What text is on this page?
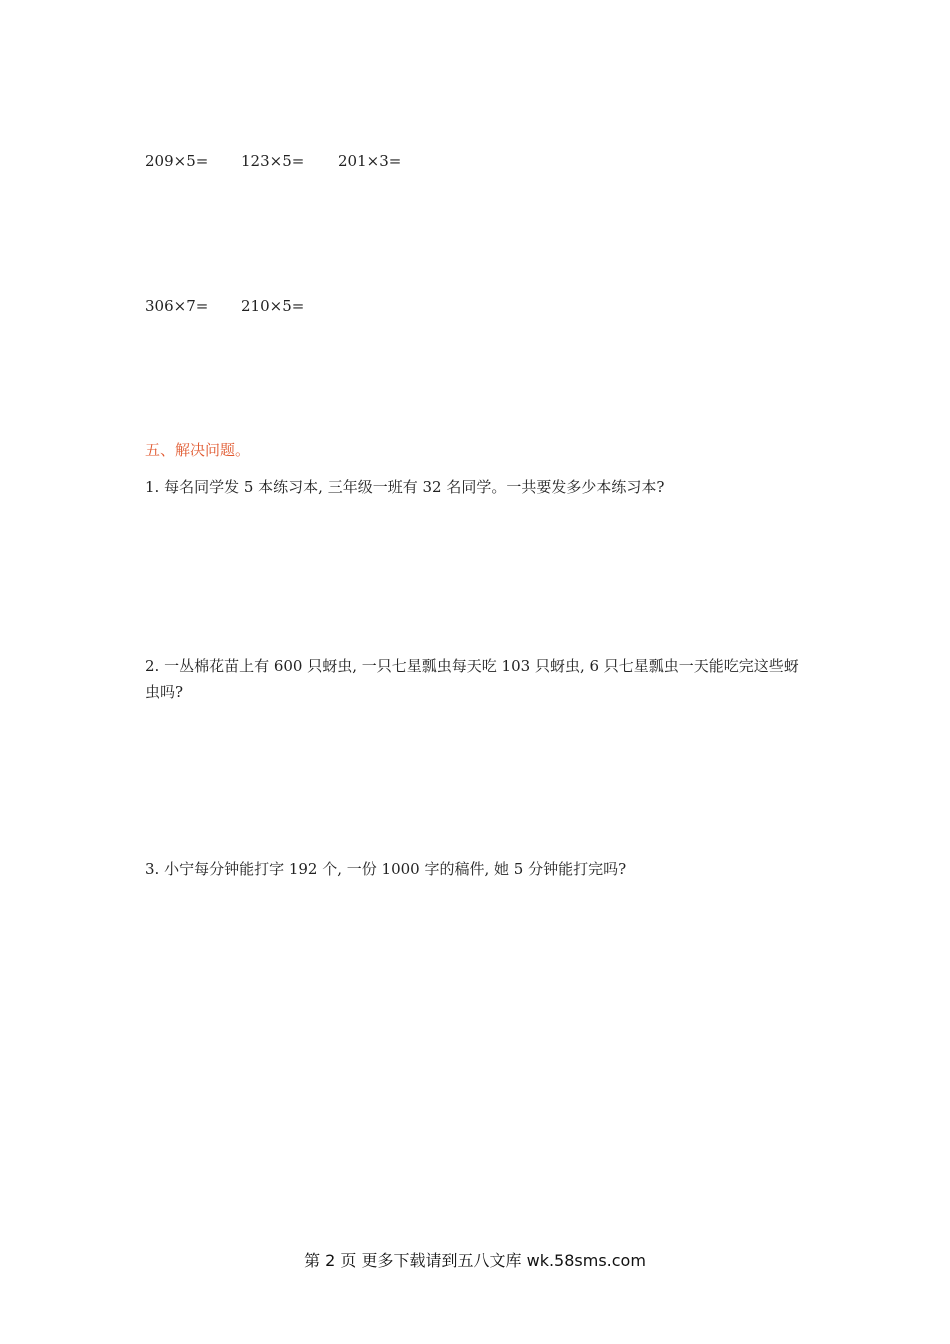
209×5= 123×5= 201×3=
306×7= 210×5=
五、解决问题。
1. 每名同学发 5 本练习本, 三年级一班有 32 名同学。一共要发多少本练习本?
2. 一丛棉花苗上有 600 只蚜虫, 一只七星瓢虫每天吃 103 只蚜虫, 6 只七星瓢虫一天能吃完这些蚜虫吗?
3. 小宁每分钟能打字 192 个, 一份 1000 字的稿件, 她 5 分钟能打完吗?
第 2 页 更多下载请到五八文库 wk.58sms.com
